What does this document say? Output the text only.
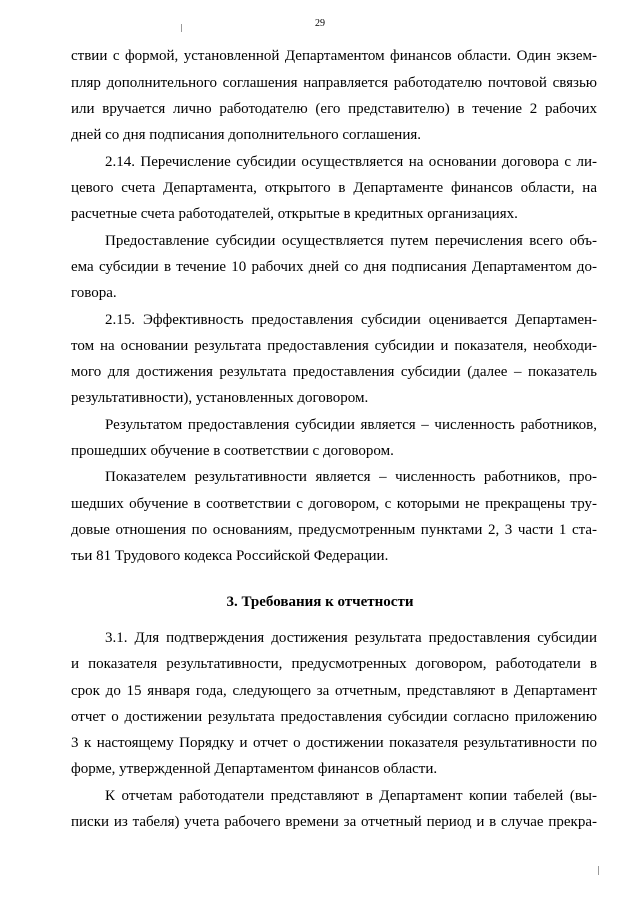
29
ствии с формой, установленной Департаментом финансов области. Один экзем-
пляр дополнительного соглашения направляется работодателю почтовой связью
или вручается лично работодателю (его представителю) в течение 2 рабочих
дней со дня подписания дополнительного соглашения.
2.14. Перечисление субсидии осуществляется на основании договора с ли-
цевого счета Департамента, открытого в Департаменте финансов области, на
расчетные счета работодателей, открытые в кредитных организациях.
Предоставление субсидии осуществляется путем перечисления всего объ-
ема субсидии в течение 10 рабочих дней со дня подписания Департаментом до-
говора.
2.15. Эффективность предоставления субсидии оценивается Департамен-
том на основании результата предоставления субсидии и показателя, необходи-
мого для достижения результата предоставления субсидии (далее – показатель
результативности), установленных договором.
Результатом предоставления субсидии является – численность работников,
прошедших обучение в соответствии с договором.
Показателем результативности является – численность работников, про-
шедших обучение в соответствии с договором, с которыми не прекращены тру-
довые отношения по основаниям, предусмотренным пунктами 2, 3 части 1 ста-
тьи 81 Трудового кодекса Российской Федерации.
3. Требования к отчетности
3.1. Для подтверждения достижения результата предоставления субсидии
и показателя результативности, предусмотренных договором, работодатели в
срок до 15 января года, следующего за отчетным, представляют в Департамент
отчет о достижении результата предоставления субсидии согласно приложению
3 к настоящему Порядку и отчет о достижении показателя результативности по
форме, утвержденной Департаментом финансов области.
К отчетам работодатели представляют в Департамент копии табелей (вы-
писки из табеля) учета рабочего времени за отчетный период и в случае прекра-
